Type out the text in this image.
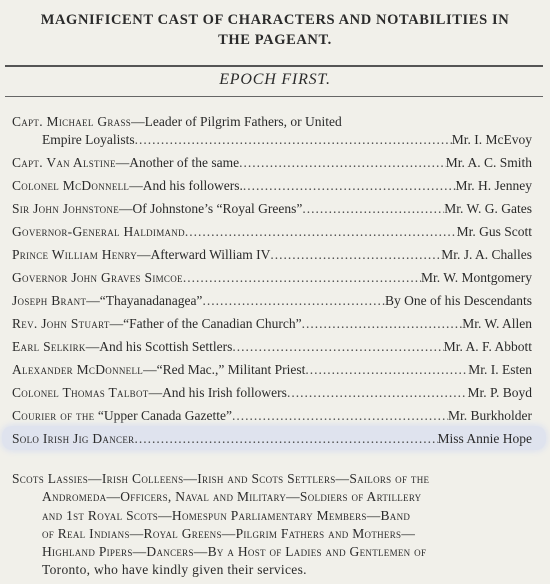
MAGNIFICENT CAST OF CHARACTERS AND NOTABILITIES IN
THE PAGEANT.
EPOCH FIRST.
Capt. Michael Grass—Leader of Pilgrim Fathers, or United
Empire Loyalists .....	Mr. I. McEvoy
Capt. Van Alstine—Another of the same .....	Mr. A. C. Smith
Colonel McDonnell—And his followers. .....	Mr. H. Jenney
Sir John Johnstone—Of Johnstone’s “Royal Greens” .....	Mr. W. G. Gates
Governor-General Haldimand .....	Mr. Gus Scott
Prince William Henry—Afterward William IV .....	Mr. J. A. Challes
Governor John Graves Simcoe .....	Mr. W. Montgomery
Joseph Brant—“Thayanadanagea” .....	By One of his Descendants
Rev. John Stuart—“Father of the Canadian Church” .....	Mr. W. Allen
Earl Selkirk—And his Scottish Settlers .....	Mr. A. F. Abbott
Alexander McDonnell—“Red Mac.,” Militant Priest .....	Mr. I. Esten
Colonel Thomas Talbot—And his Irish followers .....	Mr. P. Boyd
Courier of the “Upper Canada Gazette” .....	Mr. Burkholder
Solo Irish Jig Dancer .....	Miss Annie Hope
Scots Lassies—Irish Colleens—Irish and Scots Settlers—Sailors of the
Andromeda—Officers, Naval and Military—Soldiers of Artillery
and 1st Royal Scots—Homespun Parliamentary Members—Band
of Real Indians—Royal Greens—Pilgrim Fathers and Mothers—
Highland Pipers—Dancers—By a Host of Ladies and Gentlemen of
Toronto, who have kindly given their services.
